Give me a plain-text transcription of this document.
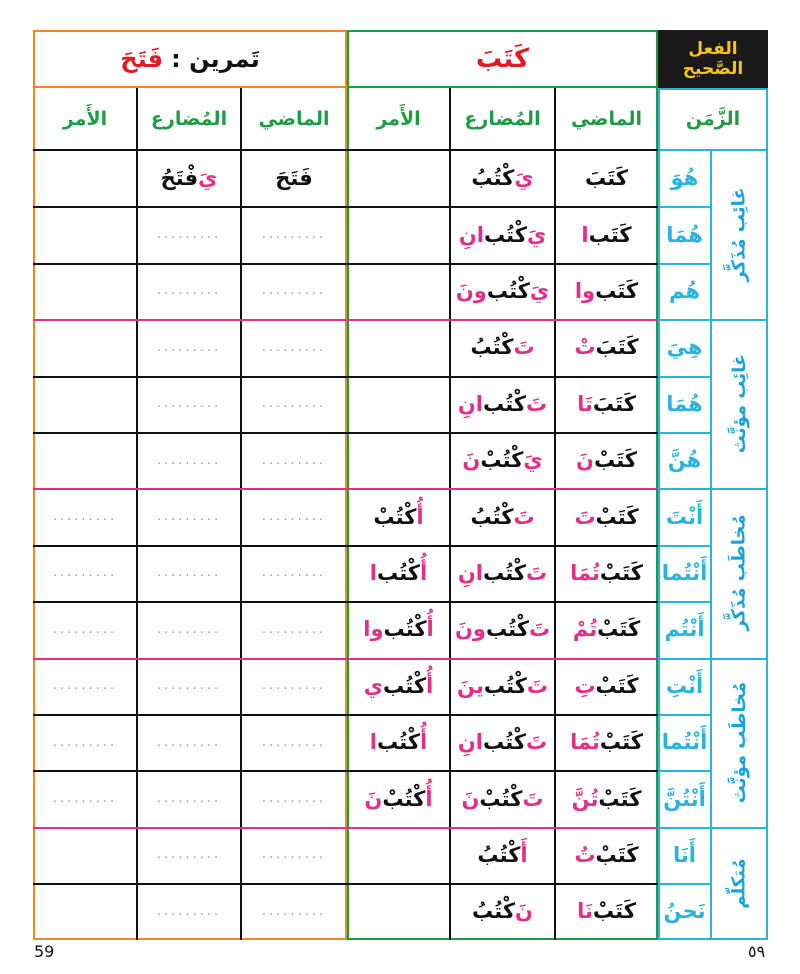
الفعل
الصَّحيح
كَتَبَ
تَمرين :
فَتَحَ
الزَّمَن
الماضي
المُضارع
الأَمر
الماضي
المُضارع
الأَمر
غائِب مُذَكَّر
غائِب مؤنَّث
مُخاطَب مُذَكَّر
مُخاطَب مؤنَّث
مُتكلّم
هُوَ
كَتَبَ
يَ
كْتُبُ
فَتَحَ
يَ
فْتَحُ
هُمَا
كَتَب
ا
يَ
كْتُب
انِ
.........
.........
هُم
كَتَب
وا
يَ
كْتُب
ونَ
.........
.........
هِيَ
كَتَبَ
تْ
تَ
كْتُبُ
.........
.........
هُمَا
كَتَبَ
تَا
تَ
كْتُب
انِ
.........
.........
هُنَّ
كَتَبْ
نَ
يَ
كْتُبْ
نَ
.........
.........
أَنْتَ
كَتَبْ
تَ
تَ
كْتُبُ
أُ
كْتُبْ
.........
.........
.........
أَنْتُما
كَتَبْ
تُمَا
تَ
كْتُب
انِ
أُ
كْتُب
ا
.........
.........
.........
أَنْتُم
كَتَبْ
تُمْ
تَ
كْتُب
ونَ
أُ
كْتُب
وا
.........
.........
.........
أَنْتِ
كَتَبْ
تِ
تَ
كْتُب
ينَ
أُ
كْتُب
ي
.........
.........
.........
أَنْتُما
كَتَبْ
تُمَا
تَ
كْتُب
انِ
أُ
كْتُب
ا
.........
.........
.........
أَنْتُنَّ
كَتَبْ
تُنَّ
تَ
كْتُبْ
نَ
أُ
كْتُبْ
نَ
.........
.........
.........
أَنَا
كَتَبْ
تُ
أَ
كْتُبُ
.........
.........
نَحنُ
كَتَبْ
نَا
نَ
كْتُبُ
.........
.........
59	٥٩
